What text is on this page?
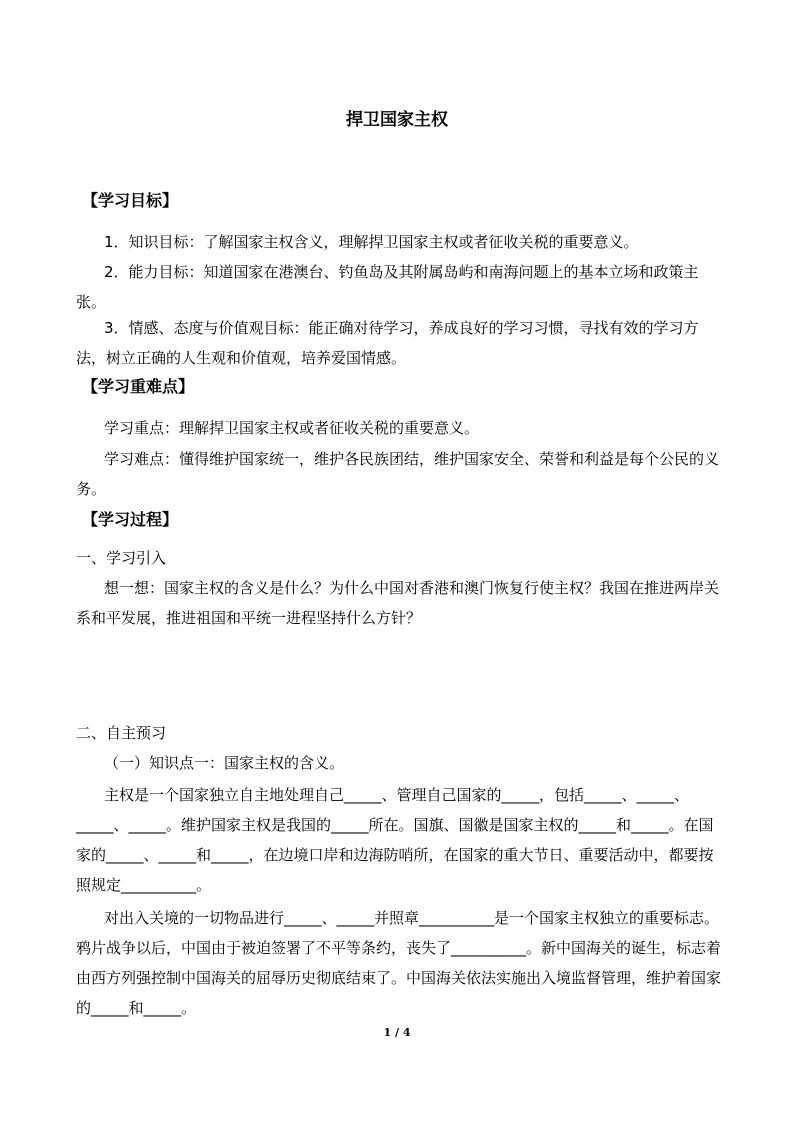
捍卫国家主权
【学习目标】
1．知识目标：了解国家主权含义，理解捍卫国家主权或者征收关税的重要意义。
2．能力目标：知道国家在港澳台、钓鱼岛及其附属岛屿和南海问题上的基本立场和政策主张。
3．情感、态度与价值观目标：能正确对待学习，养成良好的学习习惯，寻找有效的学习方法，树立正确的人生观和价值观，培养爱国情感。
【学习重难点】
学习重点：理解捍卫国家主权或者征收关税的重要意义。
学习难点：懂得维护国家统一，维护各民族团结，维护国家安全、荣誉和利益是每个公民的义务。
【学习过程】
一、学习引入
想一想：国家主权的含义是什么？为什么中国对香港和澳门恢复行使主权？我国在推进两岸关系和平发展，推进祖国和平统一进程坚持什么方针？
二、自主预习
（一）知识点一：国家主权的含义。
主权是一个国家独立自主地处理自己_____、管理自己国家的_____，包括_____、_____、_____、_____。维护国家主权是我国的_____所在。国旗、国徽是国家主权的_____和_____。在国家的_____、_____和_____，在边境口岸和边海防哨所，在国家的重大节日、重要活动中，都要按照规定__________。
对出入关境的一切物品进行_____、_____并照章__________是一个国家主权独立的重要标志。鸦片战争以后，中国由于被迫签署了不平等条约，丧失了__________。新中国海关的诞生，标志着由西方列强控制中国海关的屈辱历史彻底结束了。中国海关依法实施出入境监督管理，维护着国家的_____和_____。
1 / 4
